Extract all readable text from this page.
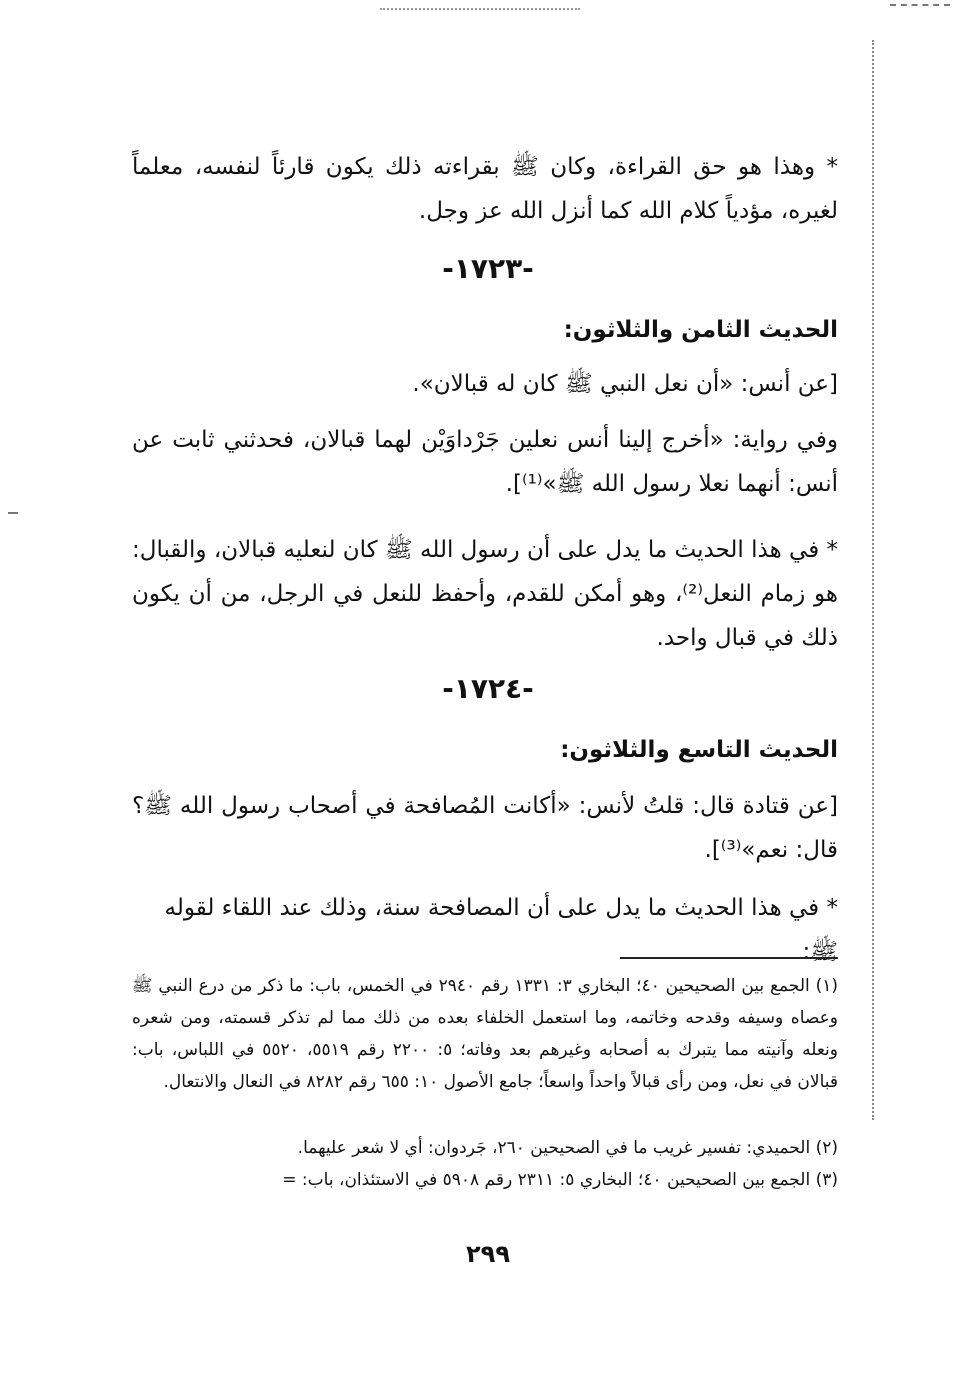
* وهذا هو حق القراءة، وكان ﷺ بقراءته ذلك يكون قارئاً لنفسه، معلماً لغيره، مؤدياً كلام الله كما أنزل الله عز وجل.
-١٧٢٣-
الحديث الثامن والثلاثون:
[عن أنس: «أن نعل النبي ﷺ كان له قبالان».
وفي رواية: «أخرج إلينا أنس نعلين جَرْداوَيْن لهما قبالان، فحدثني ثابت عن أنس: أنهما نعلا رسول الله ﷺ»⁽¹⁾].
* في هذا الحديث ما يدل على أن رسول الله ﷺ كان لنعليه قبالان، والقبال: هو زمام النعل⁽²⁾، وهو أمكن للقدم، وأحفظ للنعل في الرجل، من أن يكون ذلك في قبال واحد.
-١٧٢٤-
الحديث التاسع والثلاثون:
[عن قتادة قال: قلتُ لأنس: «أكانت المُصافحة في أصحاب رسول الله ﷺ؟ قال: نعم»⁽³⁾].
* في هذا الحديث ما يدل على أن المصافحة سنة، وذلك عند اللقاء لقوله ﷺ:
(١) الجمع بين الصحيحين ٤٠؛ البخاري ٣: ١٣٣١ رقم ٢٩٤٠ في الخمس، باب: ما ذكر من درع النبي ﷺ وعصاه وسيفه وقدحه وخاتمه، وما استعمل الخلفاء بعده من ذلك مما لم تذكر قسمته، ومن شعره ونعله وآنيته مما يتبرك به أصحابه وغيرهم بعد وفاته؛ ٥: ٢٢٠٠ رقم ٥٥١٩، ٥٥٢٠ في اللباس، باب: قبالان في نعل، ومن رأى قبالاً واحداً واسعاً؛ جامع الأصول ١٠: ٦٥٥ رقم ٨٢٨٢ في النعال والانتعال.
(٢) الحميدي: تفسير غريب ما في الصحيحين ٢٦٠، جَردوان: أي لا شعر عليهما.
(٣) الجمع بين الصحيحين ٤٠؛ البخاري ٥: ٢٣١١ رقم ٥٩٠٨ في الاستئذان، باب: =
٢٩٩
